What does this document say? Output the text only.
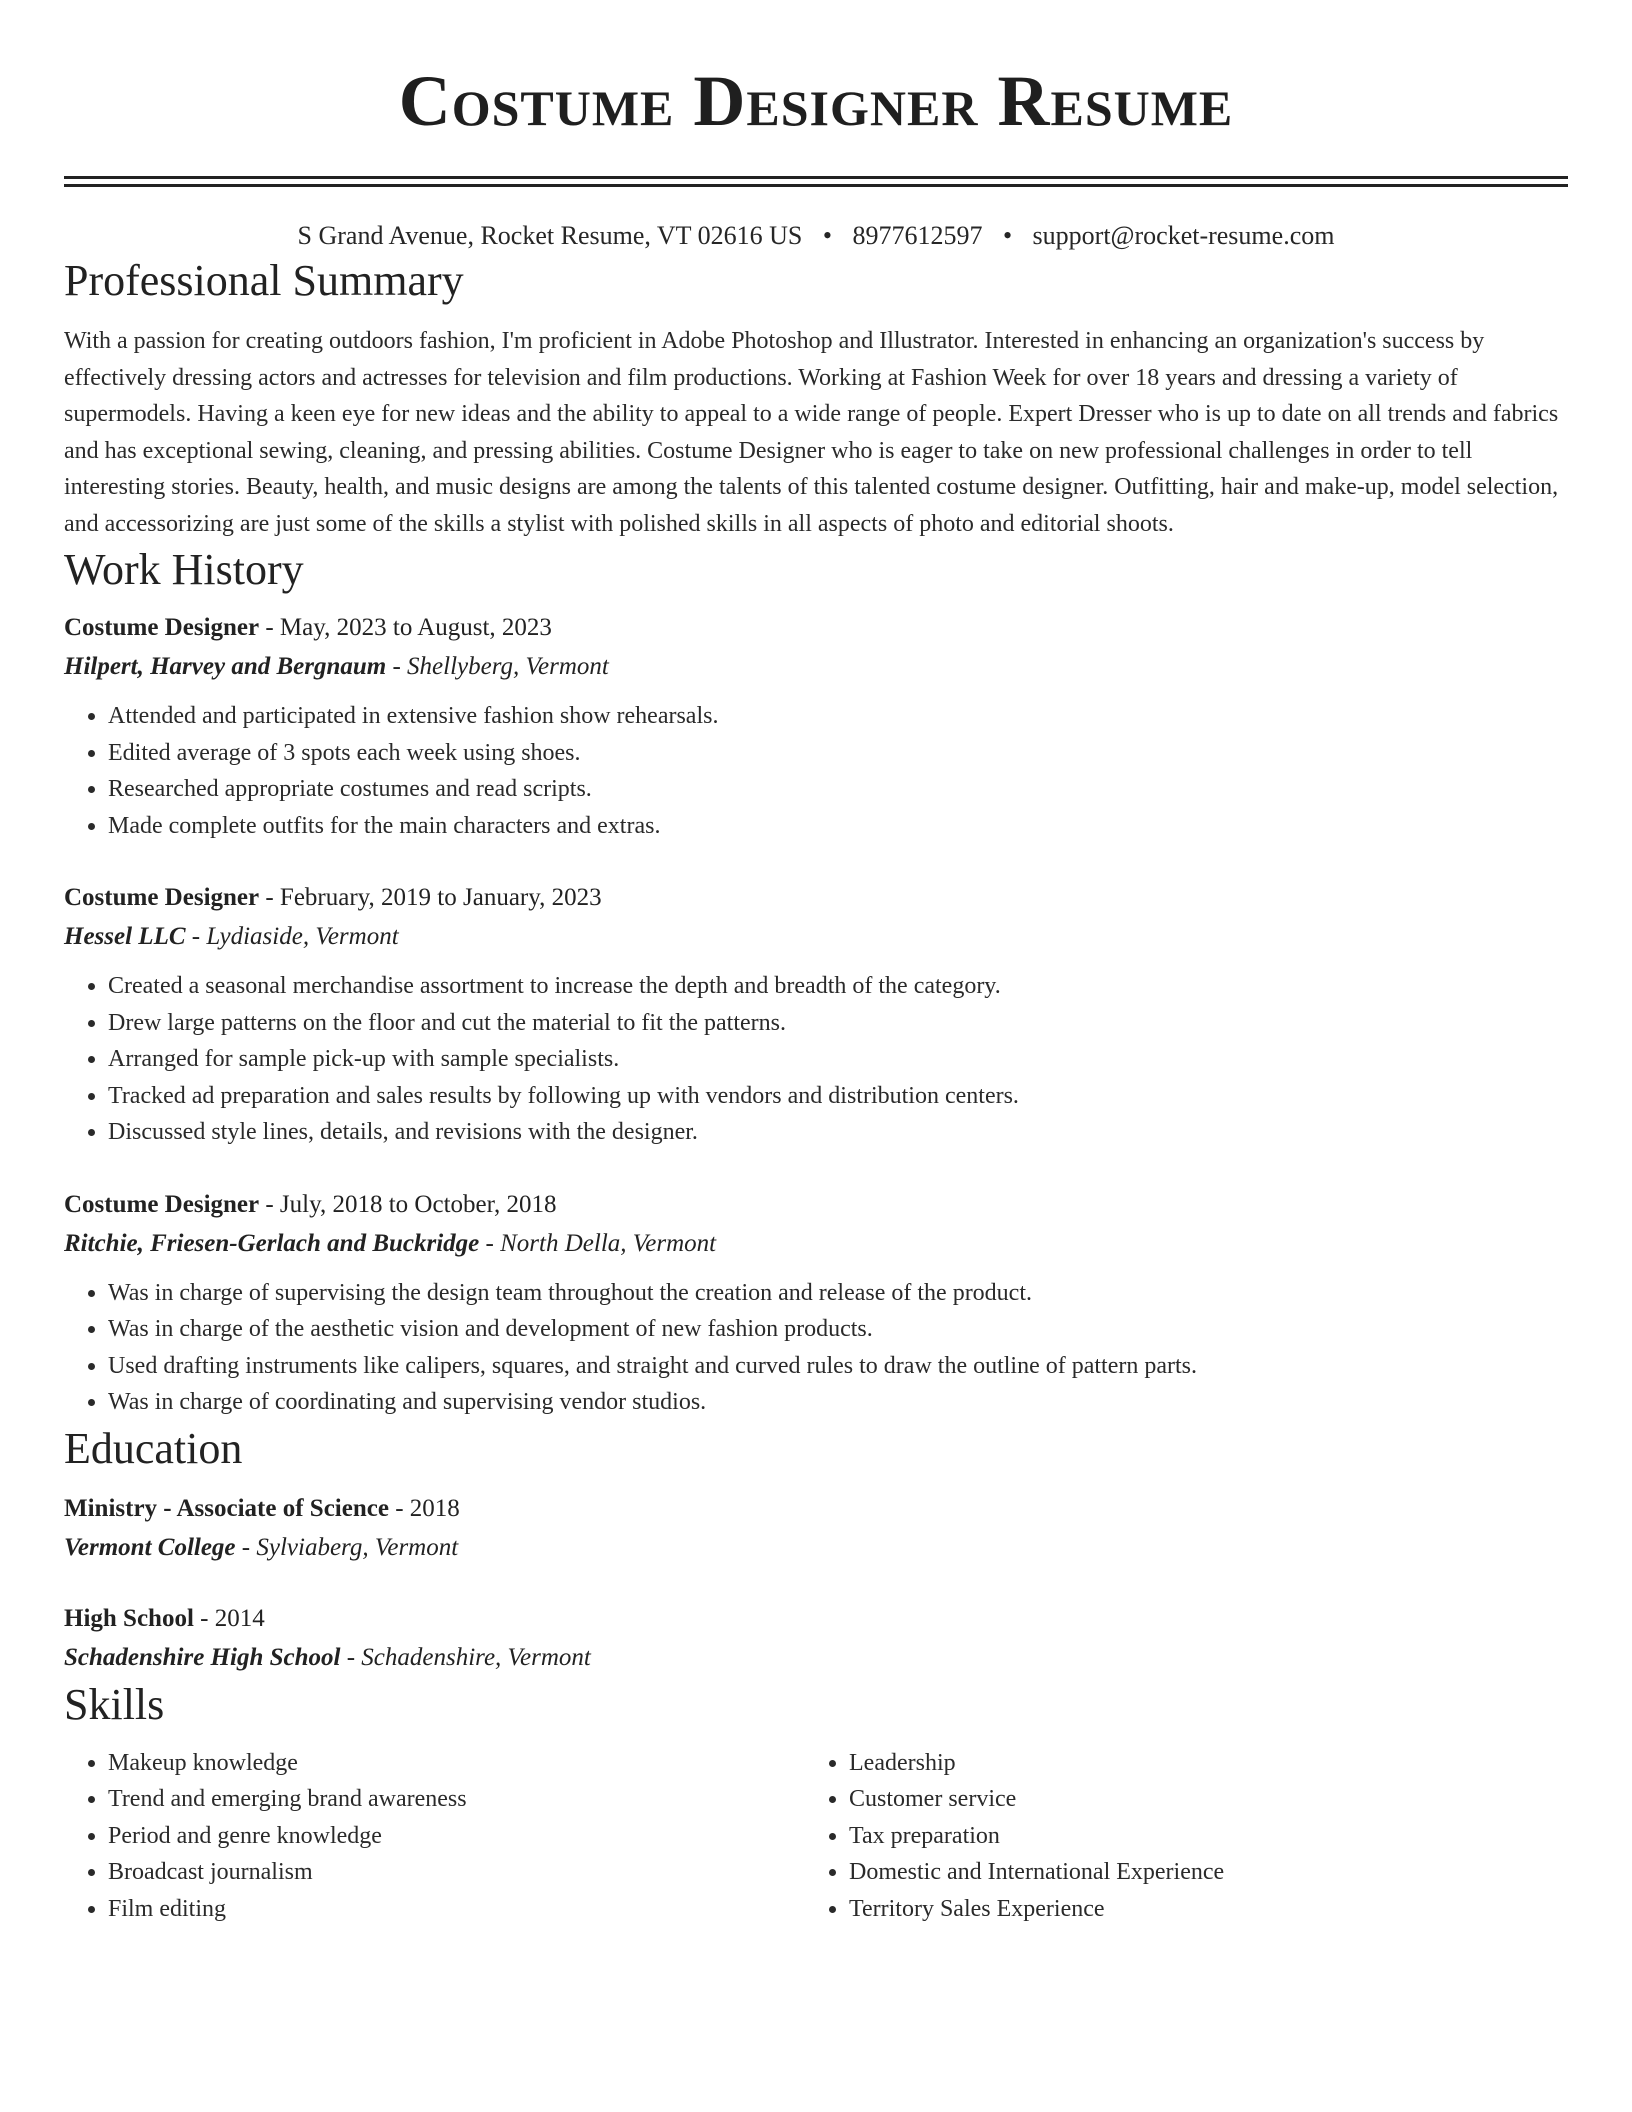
Costume Designer Resume
S Grand Avenue, Rocket Resume, VT 02616 US • 8977612597 • support@rocket-resume.com
Professional Summary
With a passion for creating outdoors fashion, I'm proficient in Adobe Photoshop and Illustrator. Interested in enhancing an organization's success by effectively dressing actors and actresses for television and film productions. Working at Fashion Week for over 18 years and dressing a variety of supermodels. Having a keen eye for new ideas and the ability to appeal to a wide range of people. Expert Dresser who is up to date on all trends and fabrics and has exceptional sewing, cleaning, and pressing abilities. Costume Designer who is eager to take on new professional challenges in order to tell interesting stories. Beauty, health, and music designs are among the talents of this talented costume designer. Outfitting, hair and make-up, model selection, and accessorizing are just some of the skills a stylist with polished skills in all aspects of photo and editorial shoots.
Work History
Costume Designer - May, 2023 to August, 2023
Hilpert, Harvey and Bergnaum - Shellyberg, Vermont
• Attended and participated in extensive fashion show rehearsals.
• Edited average of 3 spots each week using shoes.
• Researched appropriate costumes and read scripts.
• Made complete outfits for the main characters and extras.
Costume Designer - February, 2019 to January, 2023
Hessel LLC - Lydiaside, Vermont
• Created a seasonal merchandise assortment to increase the depth and breadth of the category.
• Drew large patterns on the floor and cut the material to fit the patterns.
• Arranged for sample pick-up with sample specialists.
• Tracked ad preparation and sales results by following up with vendors and distribution centers.
• Discussed style lines, details, and revisions with the designer.
Costume Designer - July, 2018 to October, 2018
Ritchie, Friesen-Gerlach and Buckridge - North Della, Vermont
• Was in charge of supervising the design team throughout the creation and release of the product.
• Was in charge of the aesthetic vision and development of new fashion products.
• Used drafting instruments like calipers, squares, and straight and curved rules to draw the outline of pattern parts.
• Was in charge of coordinating and supervising vendor studios.
Education
Ministry - Associate of Science - 2018
Vermont College - Sylviaberg, Vermont
High School - 2014
Schadenshire High School - Schadenshire, Vermont
Skills
• Makeup knowledge
• Trend and emerging brand awareness
• Period and genre knowledge
• Broadcast journalism
• Film editing
• Leadership
• Customer service
• Tax preparation
• Domestic and International Experience
• Territory Sales Experience
